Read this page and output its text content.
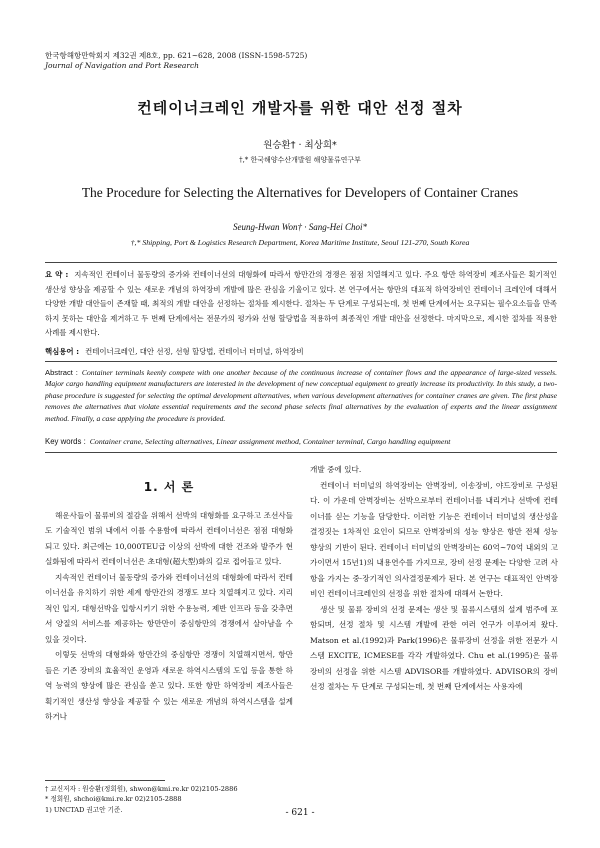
한국항해항만학회지 제32권 제8호, pp. 621~628, 2008 (ISSN-1598-5725)
Journal of Navigation and Port Research
컨테이너크레인 개발자를 위한 대안 선정 절차
원승환† · 최상희*
†,* 한국해양수산개발원 해양물류연구부
The Procedure for Selecting the Alternatives for Developers of Container Cranes
Seung-Hwan Won† · Sang-Hei Choi*
†,* Shipping, Port & Logistics Research Department, Korea Maritime Institute, Seoul 121-270, South Korea
요 약 : 지속적인 컨테이너 물동량의 증가와 컨테이너선의 대형화에 따라서 항만간의 경쟁은 점점 치열해지고 있다. 주요 항만 하역장비 제조사들은 획기적인 생산성 향상을 제공할 수 있는 새로운 개념의 하역장비 개발에 많은 관심을 기울이고 있다. 본 연구에서는 항만의 대표적 하역장비인 컨테이너 크레인에 대해서 다양한 개발 대안들이 존재할 때, 최적의 개발 대안을 선정하는 절차를 제시한다. 절차는 두 단계로 구성되는데, 첫 번째 단계에서는 요구되는 필수요소들을 만족하지 못하는 대안을 제거하고 두 번째 단계에서는 전문가의 평가와 선형 할당법을 적용하여 최종적인 개발 대안을 선정한다. 마지막으로, 제시한 절차를 적용한 사례를 제시한다.
핵심용어 : 컨테이너크레인, 대안 선정, 선형 할당법, 컨테이너 터미널, 하역장비
Abstract : Container terminals keenly compete with one another because of the continuous increase of container flows and the appearance of large-sized vessels. Major cargo handling equipment manufacturers are interested in the development of new conceptual equipment to greatly increase its productivity. In this study, a two-phase procedure is suggested for selecting the optimal development alternatives, when various development alternatives for container cranes are given. The first phase removes the alternatives that violate essential requirements and the second phase selects final alternatives by the evaluation of experts and the linear assignment method. Finally, a case applying the procedure is provided.
Key words : Container crane, Selecting alternatives, Linear assignment method, Container terminal, Cargo handling equipment
1. 서 론

해운사들이 물류비의 절감을 위해서 선박의 대형화를 요구하고 조선사들도 기술적인 범위 내에서 이를 수용함에 따라서 컨테이너선은 점점 대형화되고 있다. 최근에는 10,000TEU급 이상의 선박에 대한 건조와 발주가 현실화됨에 따라서 컨테이너선은 초대형(超大型)화의 길로 접어들고 있다.

지속적인 컨테이너 물동량의 증가와 컨테이너선의 대형화에 따라서 컨테이너선을 유치하기 위한 세계 항만간의 경쟁도 보다 치열해지고 있다. 지리적인 입지, 대형선박을 입항시키기 위한 수용능력, 제반 인프라 등을 갖추면서 양질의 서비스를 제공하는 항만만이 중심항만의 경쟁에서 살아남을 수 있을 것이다.

이렇듯 선박의 대형화와 항만간의 중심항만 경쟁이 치열해지면서, 항만들은 기존 장비의 효율적인 운영과 새로운 하역시스템의 도입 등을 통한 하역 능력의 향상에 많은 관심을 쏟고 있다. 또한 항만 하역장비 제조사들은 획기적인 생산성 향상을 제공할 수 있는 새로운 개념의 하역시스템을 설계하거나

개발 중에 있다.

컨테이너 터미널의 하역장비는 안벽장비, 이송장비, 야드장비로 구성된다. 이 가운데 안벽장비는 선박으로부터 컨테이너를 내리거나 선박에 컨테이너를 싣는 기능을 담당한다. 이러한 기능은 컨테이너 터미널의 생산성을 결정짓는 1차적인 요인이 되므로 안벽장비의 성능 향상은 항만 전체 성능 향상의 기반이 된다. 컨테이너 터미널의 안벽장비는 60억~70억 내외의 고가이면서 15년1)의 내용연수를 가지므로, 장비 선정 문제는 다양한 고려 사항을 가지는 중·장기적인 의사결정문제가 된다. 본 연구는 대표적인 안벽장비인 컨테이너크레인의 선정을 위한 절차에 대해서 논한다.

생산 및 물류 장비의 선정 문제는 생산 및 물류시스템의 설계 범주에 포함되며, 선정 절차 및 시스템 개발에 관한 여러 연구가 이루어져 왔다. Matson et al.(1992)과 Park(1996)은 물류장비 선정을 위한 전문가 시스템 EXCITE, ICMESE를 각각 개발하였다. Chu et al.(1995)은 물류 장비의 선정을 위한 시스템 ADVISOR를 개발하였다. ADVISOR의 장비 선정 절차는 두 단계로 구성되는데, 첫 번째 단계에서는 사용자에

† 교신저자 : 원승환(정회원), shwon@kmi.re.kr 02)2105-2886
* 정회원, shchoi@kmi.re.kr 02)2105-2888
1) UNCTAD 권고안 기준.	- 621 -
